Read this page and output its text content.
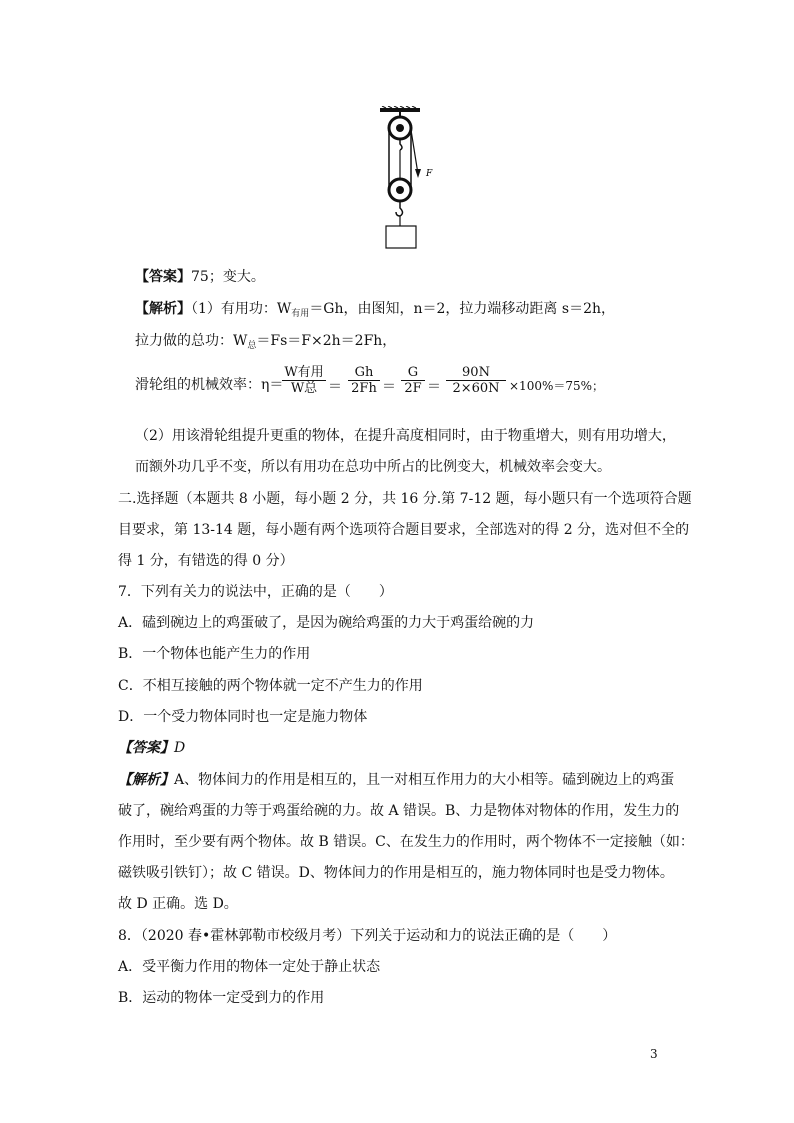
F
【答案】75；变大。
【解析】（1）有用功：$W_{有用}=Gh$，由图知，n＝2，拉力端移动距离 s＝2h，
拉力做的总功：$W_总=Fs=F\times 2h=2Fh$，
滑轮组的机械效率：η＝
W有用
W总 ＝ $\frac{Gh}{2Fh} = \frac{G}{2F} = \frac{90N}{2\times 60N} \times 100\%=75\%$；
（2）用该滑轮组提升更重的物体，在提升高度相同时，由于物重增大，则有用功增大，
而额外功几乎不变，所以有用功在总功中所占的比例变大，机械效率会变大。
二.选择题（本题共 8 小题，每小题 2 分，共 16 分.第 7-12 题，每小题只有一个选项符合题
目要求，第 13-14 题，每小题有两个选项符合题目要求，全部选对的得 2 分，选对但不全的
得 1 分，有错选的得 0 分）
7．下列有关力的说法中，正确的是（　　）
A．磕到碗边上的鸡蛋破了，是因为碗给鸡蛋的力大于鸡蛋给碗的力
B．一个物体也能产生力的作用
C．不相互接触的两个物体就一定不产生力的作用
D．一个受力物体同时也一定是施力物体
【答案】D
【解析】A、物体间力的作用是相互的，且一对相互作用力的大小相等。磕到碗边上的鸡蛋
破了，碗给鸡蛋的力等于鸡蛋给碗的力。故 A 错误。B、力是物体对物体的作用，发生力的
作用时，至少要有两个物体。故 B 错误。C、在发生力的作用时，两个物体不一定接触（如：
磁铁吸引铁钉）；故 C 错误。D、物体间力的作用是相互的，施力物体同时也是受力物体。
故 D 正确。选 D。
8．（2020 春•霍林郭勒市校级月考）下列关于运动和力的说法正确的是（　　）
A．受平衡力作用的物体一定处于静止状态
B．运动的物体一定受到力的作用
3
